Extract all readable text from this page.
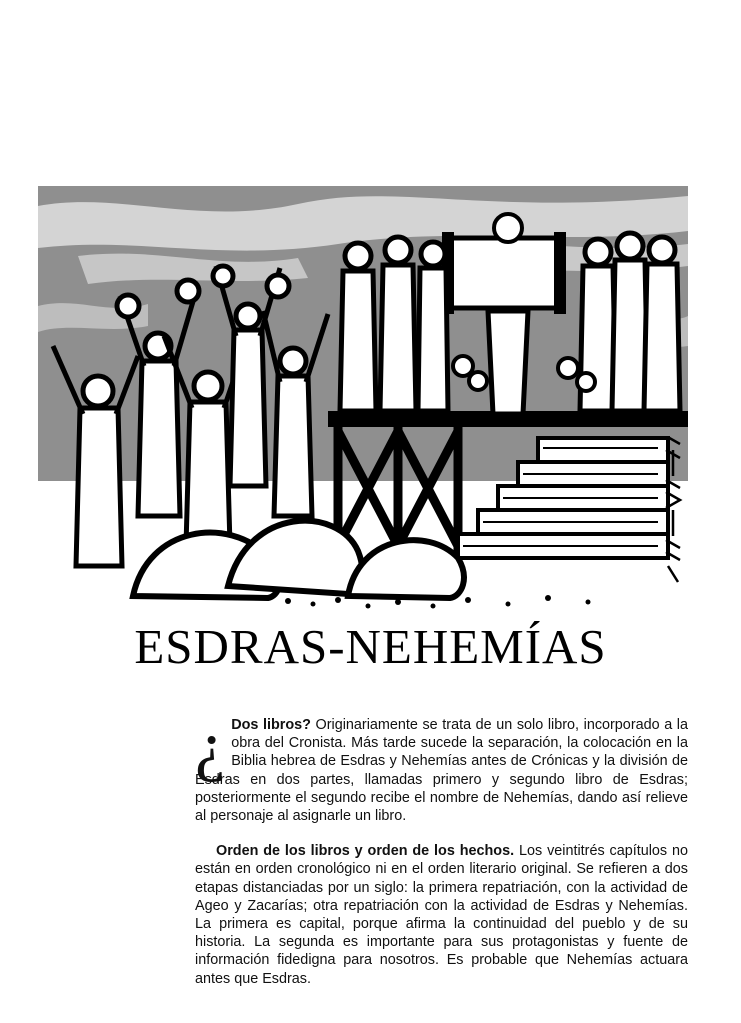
ESDRAS-NEHEMÍAS

¿ Dos libros? Originariamente se trata de un solo libro, incorporado a la obra del Cronista. Más tarde sucede la separación, la colocación en la Biblia hebrea de Esdras y Nehemías antes de Crónicas y la división de Esdras en dos partes, llamadas primero y segundo libro de Esdras; posteriormente el segundo recibe el nombre de Nehemías, dando así relieve al personaje al asignarle un libro.

Orden de los libros y orden de los hechos. Los veintitrés capítulos no están en orden cronológico ni en el orden literario original. Se refieren a dos etapas distanciadas por un siglo: la primera repatriación, con la actividad de Ageo y Zacarías; otra repatriación con la actividad de Esdras y Nehemías. La primera es capital, porque afirma la continuidad del pueblo y de su historia. La segunda es importante para sus protagonistas y fuente de información fidedigna para nosotros. Es probable que Nehemías actuara antes que Esdras.
